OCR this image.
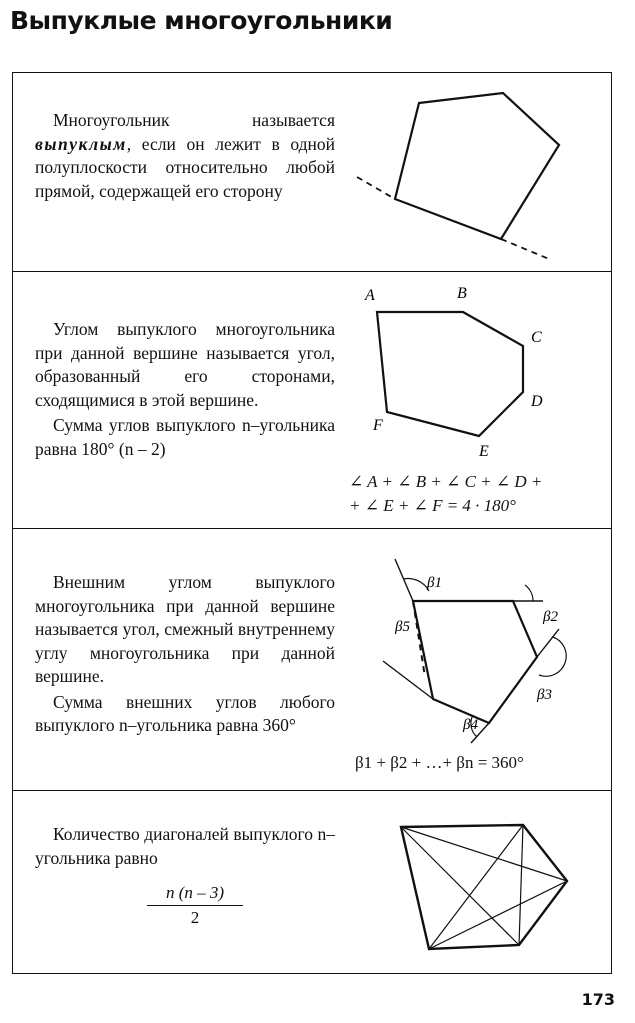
Выпуклые многоугольники

Многоугольник называется выпуклым, если он лежит в одной полуплоскости относительно любой прямой, содержащей его сторону

Углом выпуклого многоугольника при данной вершине называется угол, образованный его сторонами, сходящимися в этой вершине.

Сумма углов выпуклого n–угольника равна 180° (n – 2)

A	B
C
D
E
F
∠ A + ∠ B + ∠ C + ∠ D +
+ ∠ E + ∠ F = 4 · 180°

Внешним углом выпуклого многоугольника при данной вершине называется угол, смежный внутреннему углу многоугольника при данной вершине.

Сумма внешних углов любого выпуклого n–угольника равна 360°

β1
β2
β3
β4
β5
β1 + β2 + …+ βn = 360°

Количество диагоналей выпуклого n–угольника равно

$\frac{n (n - 3)}{2}$
173
